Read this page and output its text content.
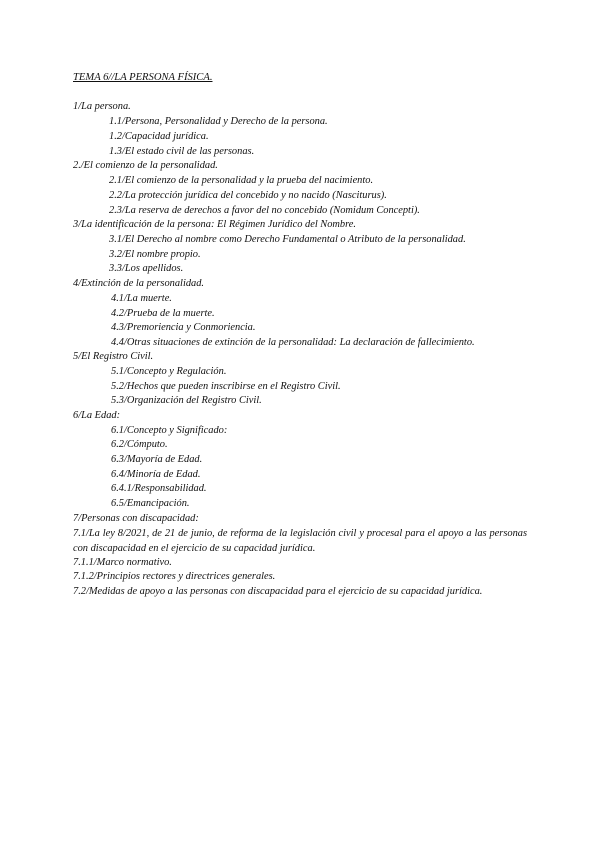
TEMA 6//LA PERSONA FÍSICA.
1/La persona.
1.1/Persona, Personalidad y Derecho de la persona.
1.2/Capacidad jurídica.
1.3/El estado civil de las personas.
2./El comienzo de la personalidad.
2.1/El comienzo de la personalidad y la prueba del nacimiento.
2.2/La protección jurídica del concebido y no nacido (Nasciturus).
2.3/La reserva de derechos a favor del no concebido (Nomidum Concepti).
3/La identificación de la persona: El Régimen Jurídico del Nombre.
3.1/El Derecho al nombre como Derecho Fundamental o Atributo de la personalidad.
3.2/El nombre propio.
3.3/Los apellidos.
4/Extinción de la personalidad.
4.1/La muerte.
4.2/Prueba de la muerte.
4.3/Premoriencia y Conmoriencia.
4.4/Otras situaciones de extinción de la personalidad: La declaración de fallecimiento.
5/El Registro Civil.
5.1/Concepto y Regulación.
5.2/Hechos que pueden inscribirse en el Registro Civil.
5.3/Organización del Registro Civil.
6/La Edad:
6.1/Concepto y Significado:
6.2/Cómputo.
6.3/Mayoría de Edad.
6.4/Minoría de Edad.
6.4.1/Responsabilidad.
6.5/Emancipación.
7/Personas con discapacidad:
7.1/La ley 8/2021, de 21 de junio, de reforma de la legislación civil y procesal para el apoyo a las personas con discapacidad en el ejercicio de su capacidad jurídica.
7.1.1/Marco normativo.
7.1.2/Principios rectores y directrices generales.
7.2/Medidas de apoyo a las personas con discapacidad para el ejercicio de su capacidad jurídica.
